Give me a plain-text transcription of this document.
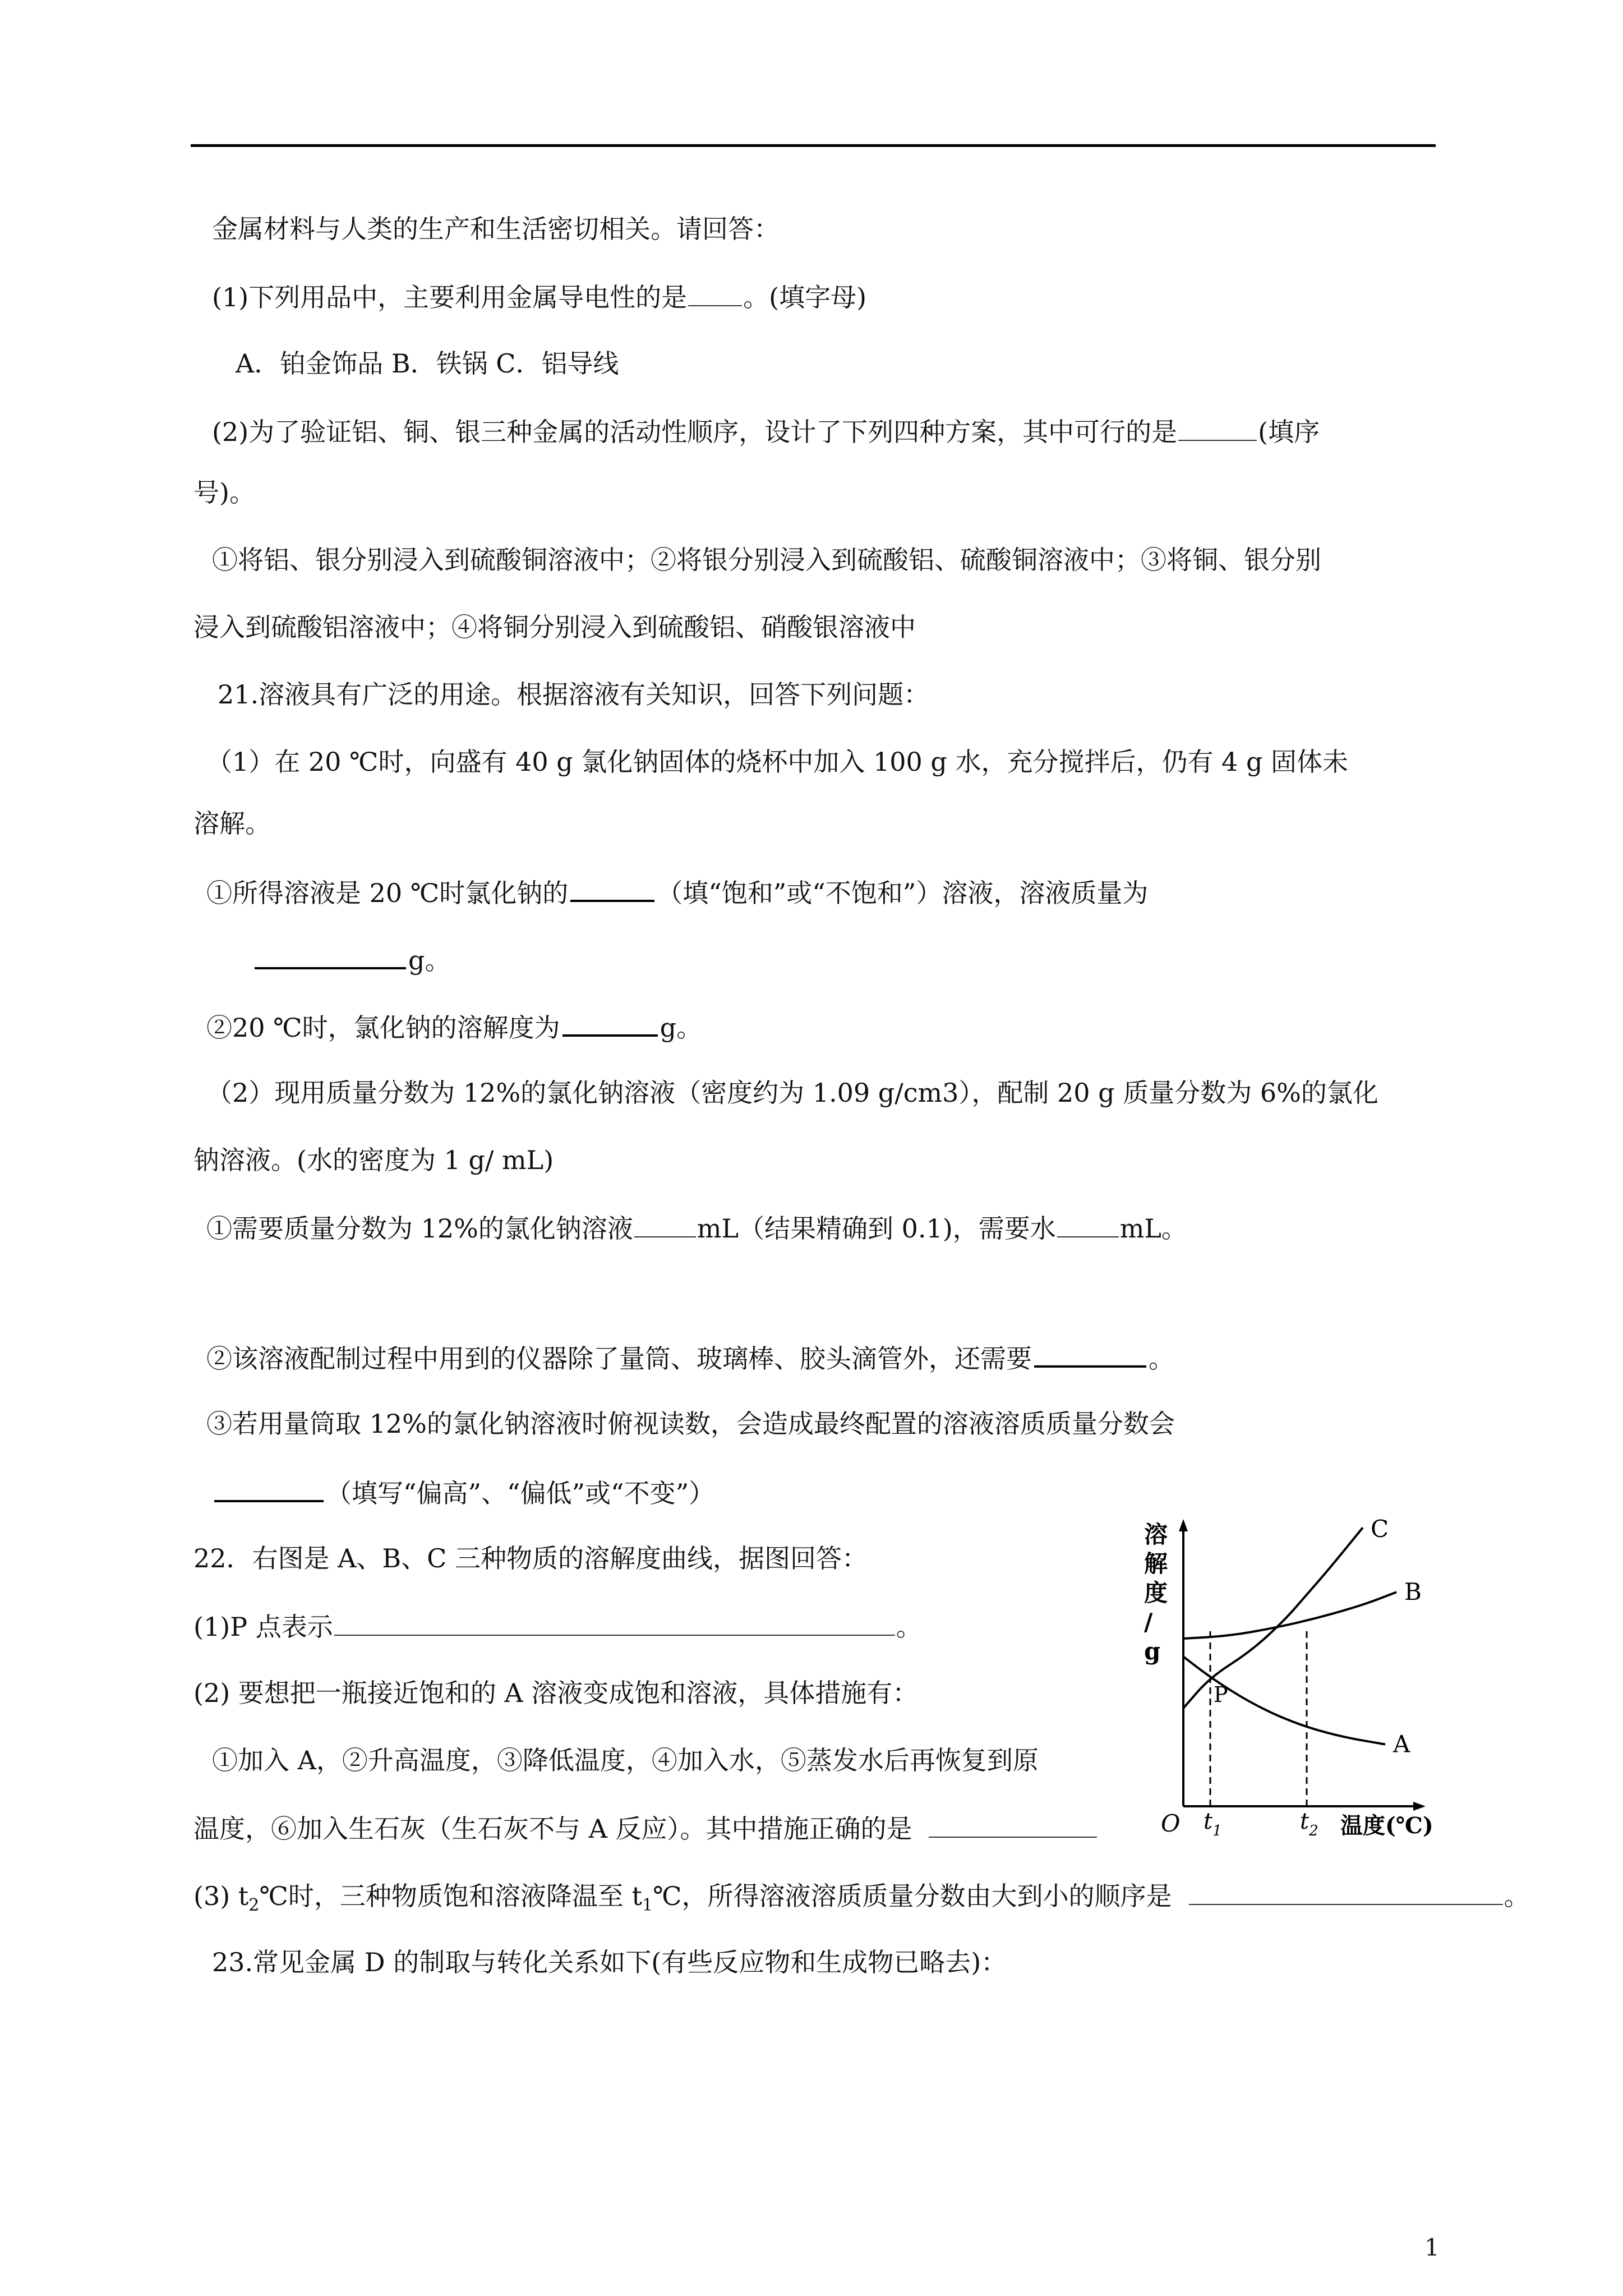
金属材料与人类的生产和生活密切相关。请回答：
(1)下列用品中，主要利用金属导电性的是 。(填字母)
A．铂金饰品 B．铁锅 C．铝导线
(2)为了验证铝、铜、银三种金属的活动性顺序，设计了下列四种方案，其中可行的是	(填序
号)。
①将铝、银分别浸入到硫酸铜溶液中；②将银分别浸入到硫酸铝、硫酸铜溶液中；③将铜、银分别
浸入到硫酸铝溶液中；④将铜分别浸入到硫酸铝、硝酸银溶液中
21.溶液具有广泛的用途。根据溶液有关知识，回答下列问题：
（1）在 20 ℃时，向盛有 40 g 氯化钠固体的烧杯中加入 100 g 水，充分搅拌后，仍有 4 g 固体未
溶解。
①所得溶液是 20 ℃时氯化钠的	（填“饱和”或“不饱和”）溶液，溶液质量为
g。
②20 ℃时，氯化钠的溶解度为	g。
（2）现用质量分数为 12%的氯化钠溶液（密度约为 1.09 g/cm3），配制 20 g 质量分数为 6%的氯化
钠溶液。(水的密度为 1 g/ mL)
①需要质量分数为 12%的氯化钠溶液 mL（结果精确到 0.1)，需要水 mL。
②该溶液配制过程中用到的仪器除了量筒、玻璃棒、胶头滴管外，还需要	。
③若用量筒取 12%的氯化钠溶液时俯视读数，会造成最终配置的溶液溶质质量分数会
（填写“偏高”、“偏低”或“不变”）
22．右图是 A、B、C 三种物质的溶解度曲线，据图回答：
(1)P 点表示	。
(2) 要想把一瓶接近饱和的 A 溶液变成饱和溶液，具体措施有：
①加入 A，②升高温度，③降低温度，④加入水，⑤蒸发水后再恢复到原
温度，⑥加入生石灰（生石灰不与 A 反应）。其中措施正确的是
(3) $t_2℃$时，三种物质饱和溶液降温至 $t_1℃$，所得溶液溶质质量分数由大到小的顺序是	。
23.常见金属 D 的制取与转化关系如下(有些反应物和生成物已略去)：
1
溶
解
度
/
g
温度(℃)
O $t_1$	$t_2$
A
B
C
P
